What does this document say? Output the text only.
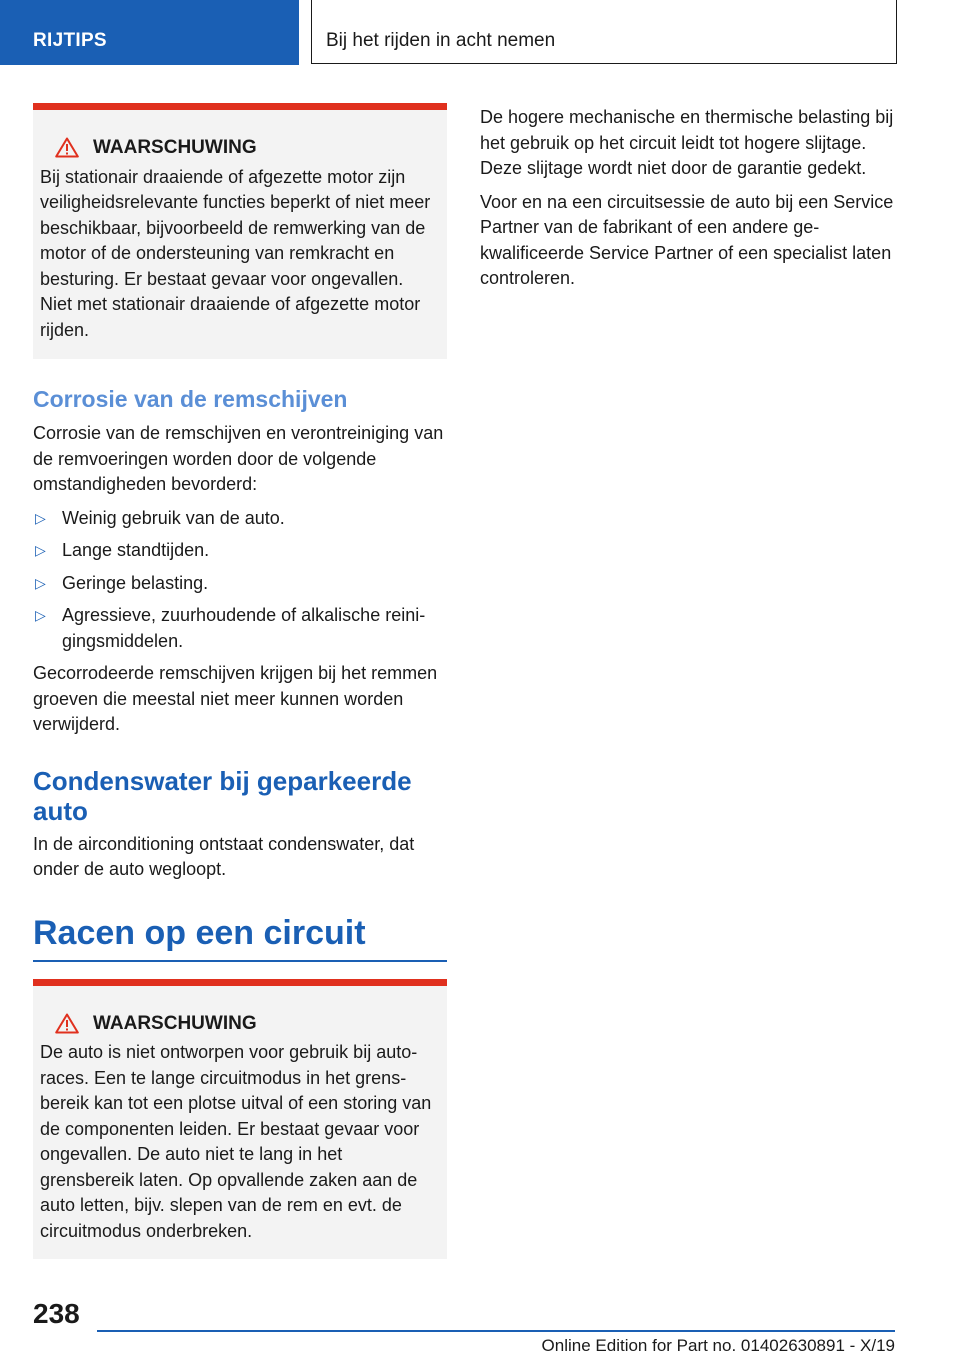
RIJTIPS	Bij het rijden in acht nemen
WAARSCHUWING
Bij stationair draaiende of afgezette motor zijn veiligheidsrelevante functies beperkt of niet meer beschikbaar, bijvoorbeeld de remwerking van de motor of de ondersteuning van remkracht en besturing. Er bestaat gevaar voor ongevallen. Niet met stationair draaiende of afgezette motor rijden.
Corrosie van de remschijven

Corrosie van de remschijven en verontreiniging van de remvoeringen worden door de volgende omstandigheden bevorderd:

▷ Weinig gebruik van de auto.
▷ Lange standtijden.
▷ Geringe belasting.
▷ Agressieve, zuurhoudende of alkalische reinigingsmiddelen.

Gecorrodeerde remschijven krijgen bij het remmen groeven die meestal niet meer kunnen worden verwijderd.

Condenswater bij geparkeerde auto

In de airconditioning ontstaat condenswater, dat onder de auto wegloopt.

Racen op een circuit
WAARSCHUWING
De auto is niet ontworpen voor gebruik bij autoraces. Een te lange circuitmodus in het grensbereik kan tot een plotse uitval of een storing van de componenten leiden. Er bestaat gevaar voor ongevallen. De auto niet te lang in het grensbereik laten. Op opvallende zaken aan de auto letten, bijv. slepen van de rem en evt. de circuitmodus onderbreken.

De hogere mechanische en thermische belasting bij het gebruik op het circuit leidt tot hogere slijtage. Deze slijtage wordt niet door de garantie gedekt.

Voor en na een circuitsessie de auto bij een Service Partner van de fabrikant of een andere gekwalificeerde Service Partner of een specialist laten controleren.

238
Online Edition for Part no. 01402630891 - X/19
